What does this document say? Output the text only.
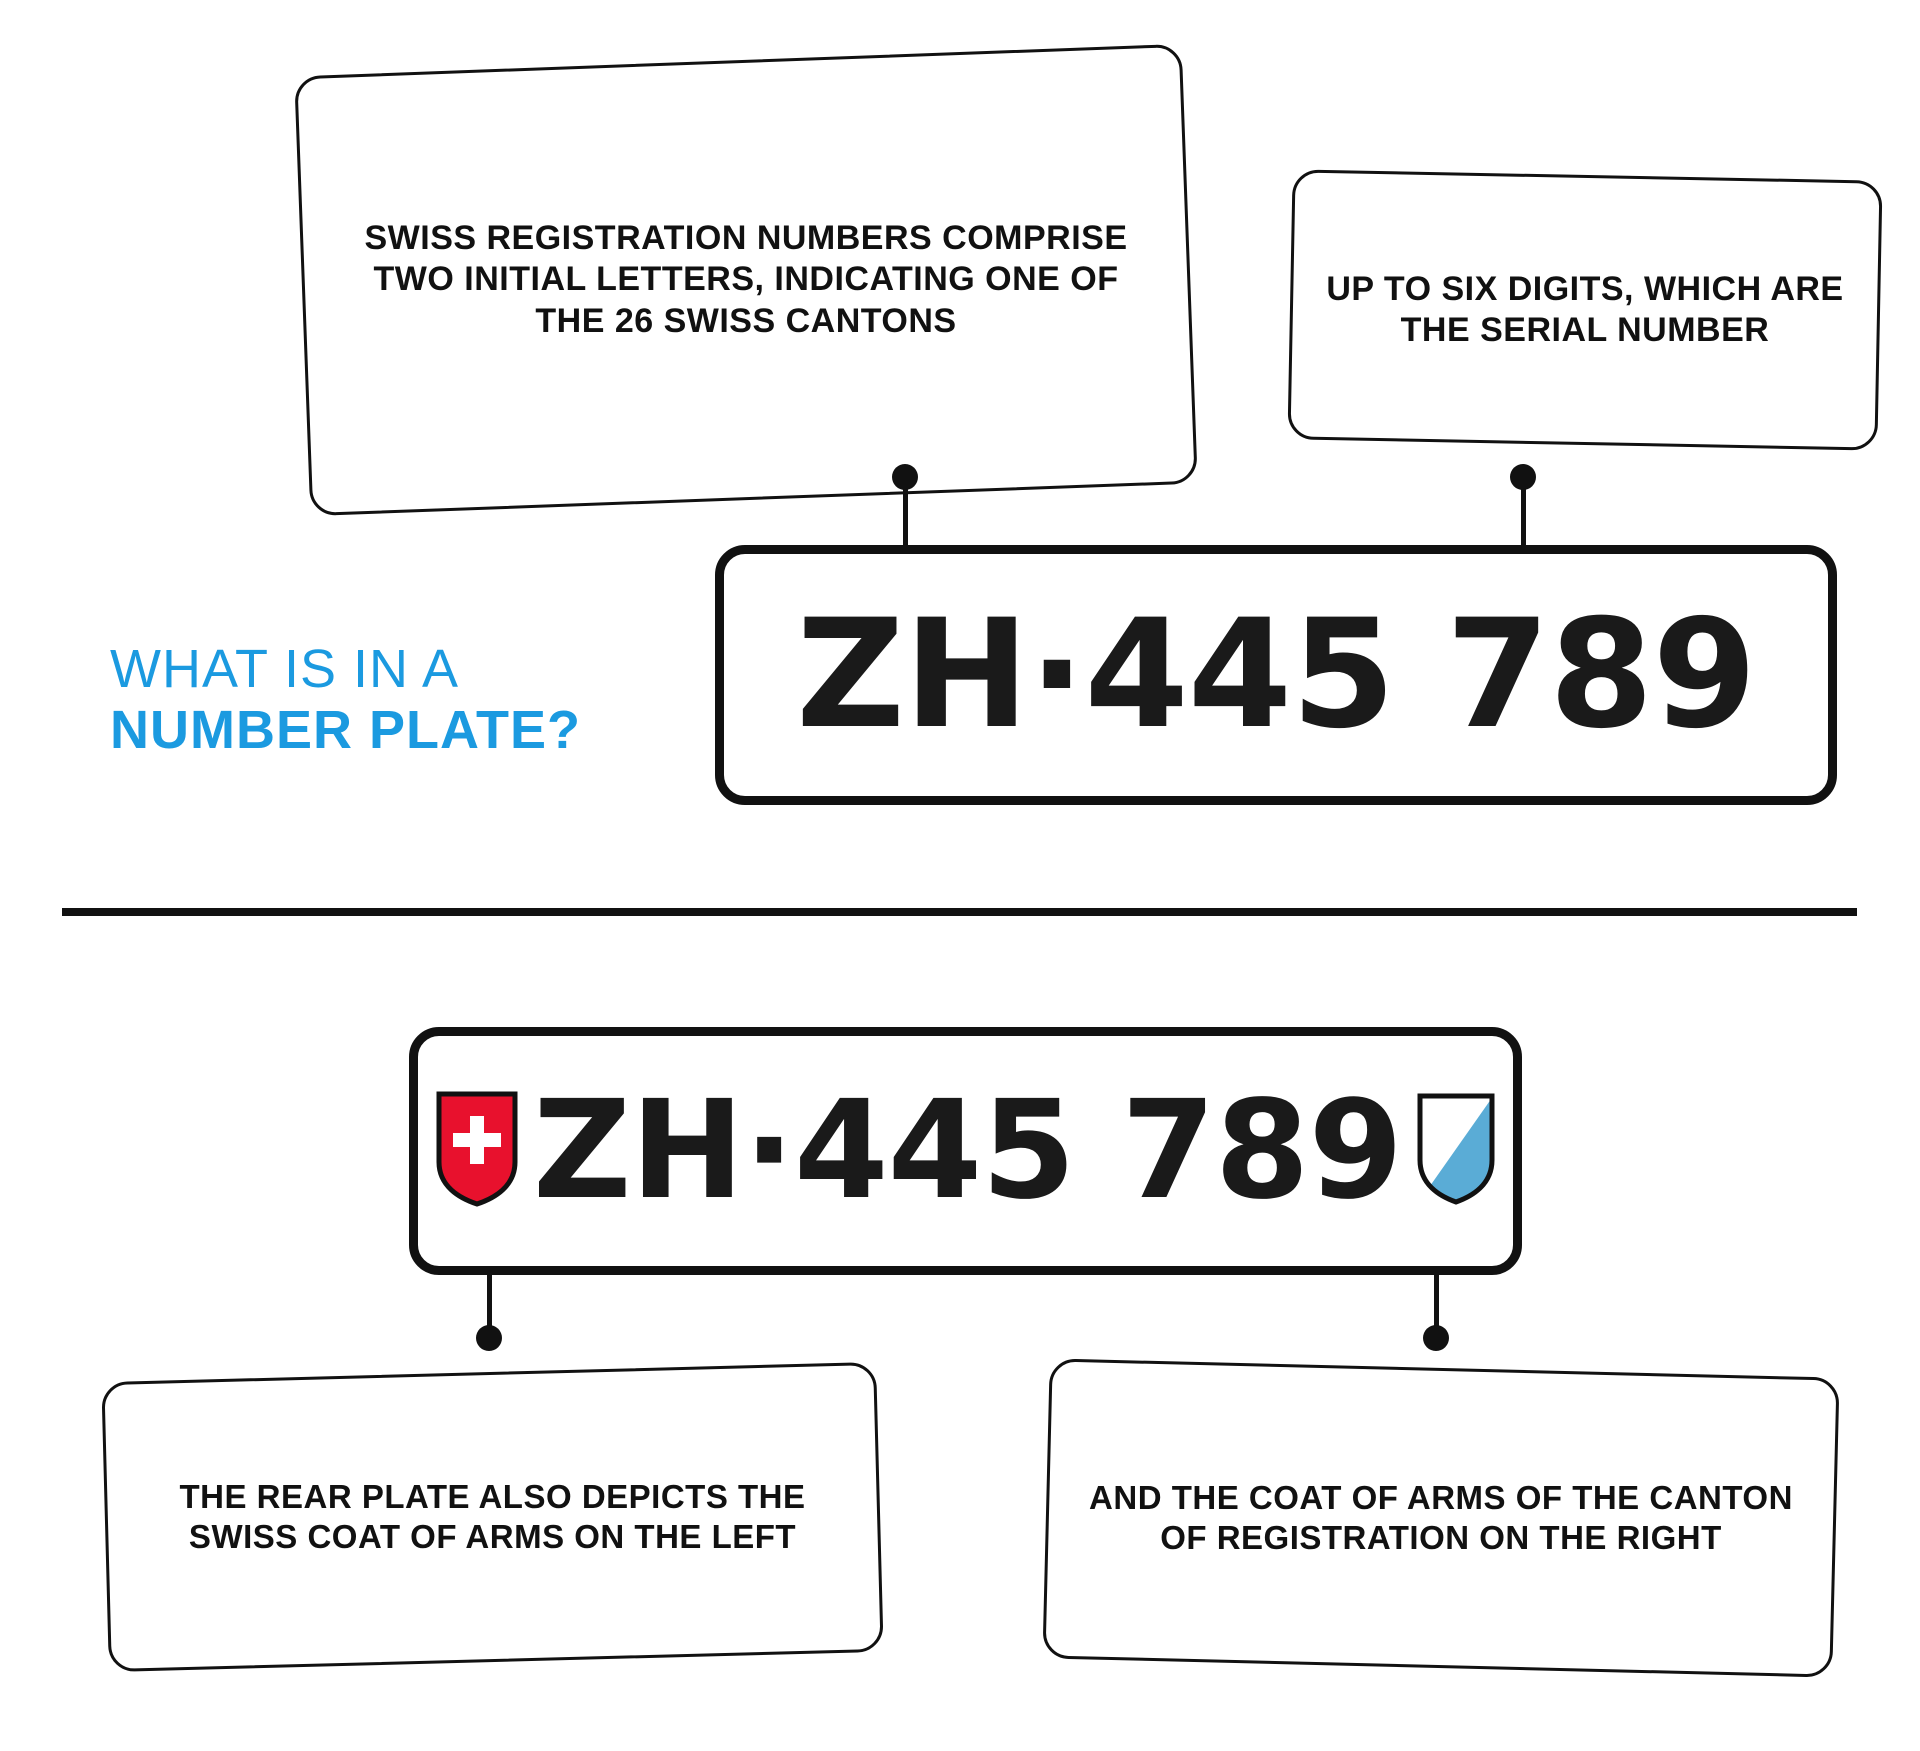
SWISS REGISTRATION NUMBERS COMPRISE TWO INITIAL LETTERS, INDICATING ONE OF THE 26 SWISS CANTONS
UP TO SIX DIGITS, WHICH ARE THE SERIAL NUMBER
ZH·445 789
WHAT IS IN A
NUMBER PLATE?
ZH·445 789
THE REAR PLATE ALSO DEPICTS THE SWISS COAT OF ARMS ON THE LEFT
AND THE COAT OF ARMS OF THE CANTON OF REGISTRATION ON THE RIGHT
